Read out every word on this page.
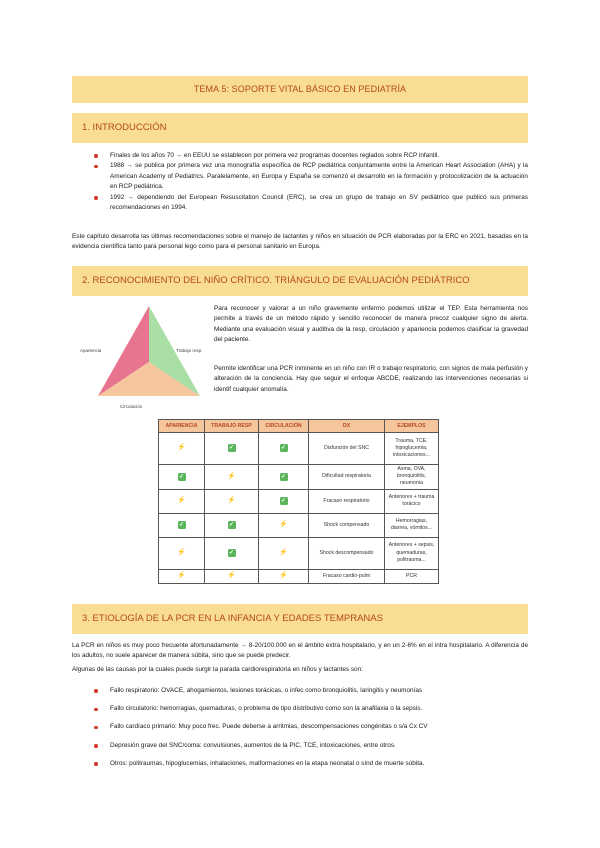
TEMA 5: SOPORTE VITAL BÁSICO EN PEDIATRÍA
1. INTRODUCCIÓN
Finales de los años 70 → en EEUU se establecen por primera vez programas docentes reglados sobre RCP infantil.
1988 → se publica por primera vez una monografía específica de RCP pediátrica conjuntamente entre la American Heart Association (AHA) y la American Academy of Pediatrics. Paralelamente, en Europa y España se comenzó el desarrollo en la formación y protocolización de la actuación en RCP pediátrica.
1992 → dependiendo del European Resuscitation Council (ERC), se crea un grupo de trabajo en SV pediátrico que publicó sus primeras recomendaciones en 1994.
Este capítulo desarrolla las últimas recomendaciones sobre el manejo de lactantes y niños en situación de PCR elaboradas por la ERC en 2021, basadas en la evidencia científica tanto para personal lego como para el personal sanitario en Europa.
2. RECONOCIMIENTO DEL NIÑO CRÍTICO. TRIÁNGULO DE EVALUACIÓN PEDIÁTRICO
Apariencia	Trabajo resp.
Circulación
Para reconocer y valorar a un niño gravemente enfermo podemos utilizar el TEP. Esta herramienta nos permite a través de un método rápido y sencillo reconocer de manera precoz cualquier signo de alerta. Mediante una evaluación visual y auditiva de la resp, circulación y apariencia podemos clasificar la gravedad del paciente.
Permite identificar una PCR inminente en un niño con IR o trabajo respiratorio, con signos de mala perfusión y alteración de la conciencia. Hay que seguir el enfoque ABCDE, realizando las intervenciones necesarias si identif cualquier anomalía.
APARIENCIA	TRABAJO RESP	CIRCULACIÓN	DX	EJEMPLOS
⚡	✓	✓	Disfunción del SNC	Trauma, TCE, hipoglucemia, intoxicaciones...
✓	⚡	✓	Dificultad respiratoria	Asma, OVA, bronquiolitis, neumonía
⚡	⚡	✓	Fracaso respiratorio	Anteriores + trauma torácico
✓	✓	⚡	Shock compensado	Hemorragias, diarrea, vómitos...
⚡	✓	⚡	Shock descompensado	Anteriores + sepsis, quemaduras, politrauma...
⚡	⚡	⚡	Fracaso cardio-pulm	PCR
3. ETIOLOGÍA DE LA PCR EN LA INFANCIA Y EDADES TEMPRANAS
La PCR en niños es muy poco frecuente afortunadamente → 8-20/100.000 en el ámbito extra hospitalario, y en un 2-6% en el intra hospitalario. A diferencia de los adultos, no suele aparecer de manera súbita, sino que se puede predecir.
Algunas de las causas por la cuales puede surgir la parada cardiorespiratoria en niños y lactantes son:
Fallo respiratorio: OVACE, ahogamientos, lesiones torácicas, o infec como bronquiolitis, laringitis y neumonías
Fallo circulatorio: hemorragias, quemaduras, o problema de tipo distributivo como son la anafilaxia o la sepsis.
Fallo cardíaco primario: Muy poco frec. Puede deberse a arritmias, descompensaciones congénitas o s/a Cx CV
Depresión grave del SNC/coma: convulsiones, aumentos de la PIC, TCE, intoxicaciones, entre otros.
Otros: politraumas, hipoglucemias, inhalaciones, malformaciones en la etapa neonatal o sínd de muerte súbita.
